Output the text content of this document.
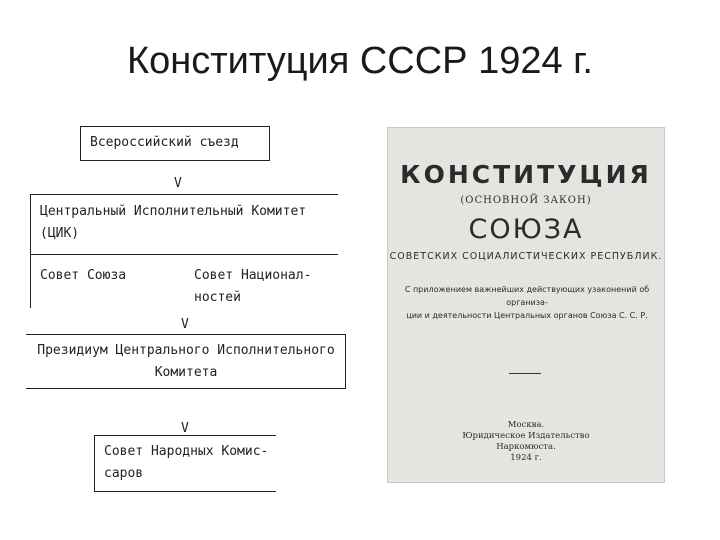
Конституция СССР 1924 г.
Всероссийский съезд
V
Центральный Исполнительный Комитет
(ЦИК)
Совет Союза	Совет Национал-
ностей
V
Президиум Центрального Исполнительного
Комитета
V
Совет Народных Комис-
саров
КОНСТИТУЦИЯ
(ОСНОВНОЙ ЗАКОН)
СОЮЗА
СОВЕТСКИХ СОЦИАЛИСТИЧЕСКИХ РЕСПУБЛИК.
С приложением важнейших действующих узаконений об организа-
ции и деятельности Центральных органов Союза С. С. Р.
Москва.
Юридическое Издательство
Наркомюста.
1924 г.
